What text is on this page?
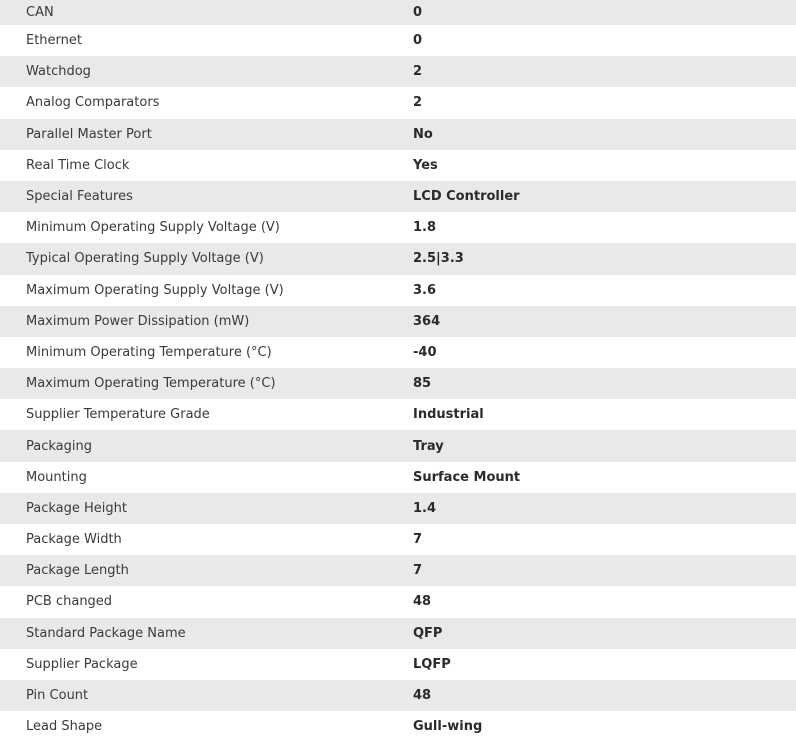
CAN	0
Ethernet	0
Watchdog	2
Analog Comparators	2
Parallel Master Port	No
Real Time Clock	Yes
Special Features	LCD Controller
Minimum Operating Supply Voltage (V)	1.8
Typical Operating Supply Voltage (V)	2.5|3.3
Maximum Operating Supply Voltage (V)	3.6
Maximum Power Dissipation (mW)	364
Minimum Operating Temperature (°C)	-40
Maximum Operating Temperature (°C)	85
Supplier Temperature Grade	Industrial
Packaging	Tray
Mounting	Surface Mount
Package Height	1.4
Package Width	7
Package Length	7
PCB changed	48
Standard Package Name	QFP
Supplier Package	LQFP
Pin Count	48
Lead Shape	Gull-wing
